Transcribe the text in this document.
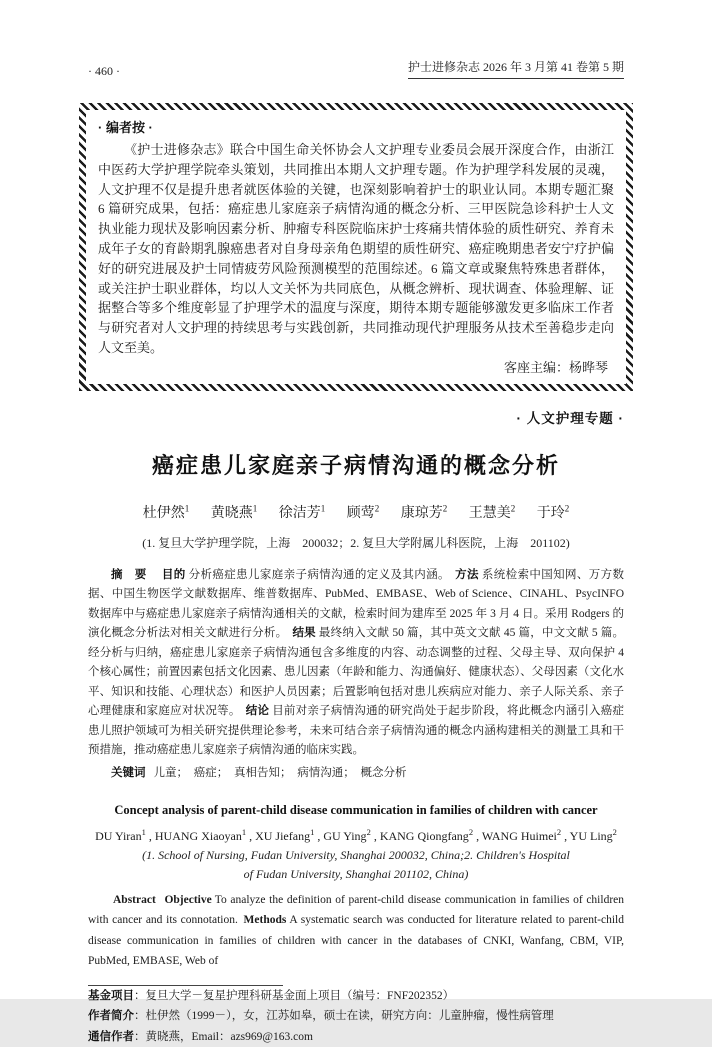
· 460 ·	护士进修杂志 2026 年 3 月第 41 卷第 5 期
· 编者按 ·

《护士进修杂志》联合中国生命关怀协会人文护理专业委员会展开深度合作，由浙江中医药大学护理学院牵头策划，共同推出本期人文护理专题。作为护理学科发展的灵魂，人文护理不仅是提升患者就医体验的关键，也深刻影响着护士的职业认同。本期专题汇聚 6 篇研究成果，包括：癌症患儿家庭亲子病情沟通的概念分析、三甲医院急诊科护士人文执业能力现状及影响因素分析、肿瘤专科医院临床护士疼痛共情体验的质性研究、养育未成年子女的育龄期乳腺癌患者对自身母亲角色期望的质性研究、癌症晚期患者安宁疗护偏好的研究进展及护士同情疲劳风险预测模型的范围综述。6 篇文章或聚焦特殊患者群体，或关注护士职业群体，均以人文关怀为共同底色，从概念辨析、现状调查、体验理解、证据整合等多个维度彰显了护理学术的温度与深度，期待本期专题能够激发更多临床工作者与研究者对人文护理的持续思考与实践创新，共同推动现代护理服务从技术至善稳步走向人文至美。

客座主编：杨晔琴
· 人文护理专题 ·
癌症患儿家庭亲子病情沟通的概念分析
杜伊然$^1$ 黄晓燕$^1$ 徐洁芳$^1$ 顾莺$^2$ 康琼芳$^2$ 王慧美$^2$ 于玲$^2$
(1. 复旦大学护理学院，上海　200032；2. 复旦大学附属儿科医院，上海　201102)

摘　要 目的 分析癌症患儿家庭亲子病情沟通的定义及其内涵。 方法 系统检索中国知网、万方数据、中国生物医学文献数据库、维普数据库、PubMed、EMBASE、Web of Science、CINAHL、PsycINFO 数据库中与癌症患儿家庭亲子病情沟通相关的文献，检索时间为建库至 2025 年 3 月 4 日。采用 Rodgers 的演化概念分析法对相关文献进行分析。 结果 最终纳入文献 50 篇，其中英文文献 45 篇，中文文献 5 篇。经分析与归纳，癌症患儿家庭亲子病情沟通包含多维度的内容、动态调整的过程、父母主导、双向保护 4 个核心属性；前置因素包括文化因素、患儿因素（年龄和能力、沟通偏好、健康状态）、父母因素（文化水平、知识和技能、心理状态）和医护人员因素；后置影响包括对患儿疾病应对能力、亲子人际关系、亲子心理健康和家庭应对状况等。 结论 目前对亲子病情沟通的研究尚处于起步阶段，将此概念内涵引入癌症患儿照护领域可为相关研究提供理论参考，未来可结合亲子病情沟通的概念内涵构建相关的测量工具和干预措施，推动癌症患儿家庭亲子病情沟通的临床实践。

关键词 儿童；　癌症；　真相告知；　病情沟通；　概念分析

Concept analysis of parent-child disease communication in families of children with cancer
DU Yiran$^1$ , HUANG Xiaoyan$^1$ , XU Jiefang$^1$ , GU Ying$^2$ , KANG Qiongfang$^2$ , WANG Huimei$^2$ , YU Ling$^2$
(1. School of Nursing, Fudan University, Shanghai 200032, China;2. Children's Hospital
of Fudan University, Shanghai 201102, China)

Abstract Objective To analyze the definition of parent-child disease communication in families of children with cancer and its connotation. Methods A systematic search was conducted for literature related to parent-child disease communication in families of children with cancer in the databases of CNKI, Wanfang, CBM, VIP, PubMed, EMBASE, Web of

基金项目：复旦大学－复星护理科研基金面上项目（编号：FNF202352）
作者简介：杜伊然（1999－），女，江苏如皋，硕士在读，研究方向：儿童肿瘤，慢性病管理
通信作者：黄晓燕，Email：azs969@163.com
